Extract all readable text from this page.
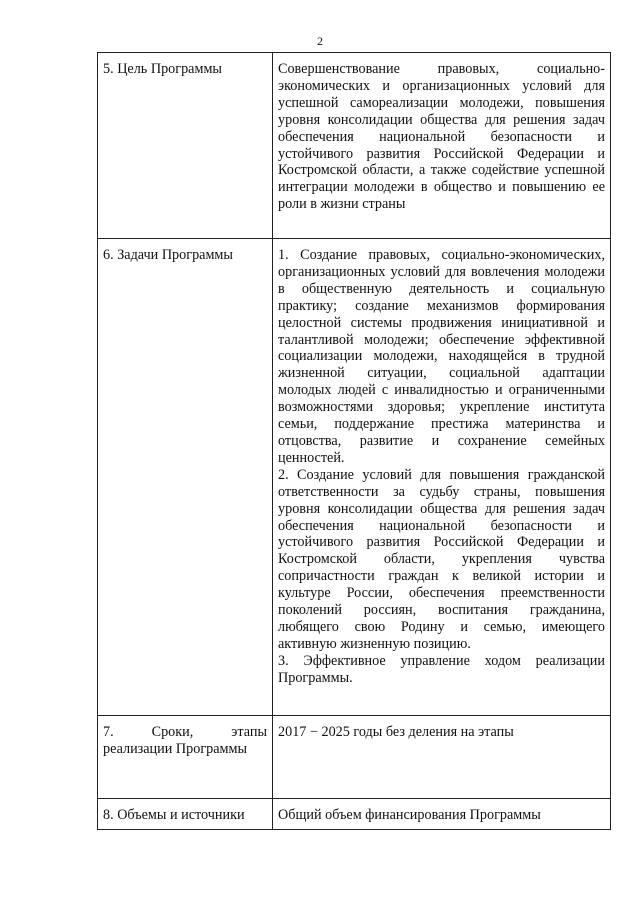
2
5. Цель Программы	Совершенствование правовых, социально-экономических и организационных условий для успешной самореализации молодежи, повышения уровня консолидации общества для решения задач обеспечения национальной безопасности и устойчивого развития Российской Федерации и Костромской области, а также содействие успешной интеграции молодежи в общество и повышению ее роли в жизни страны
6. Задачи Программы	1. Создание правовых, социально-экономических, организационных условий для вовлечения молодежи в общественную деятельность и социальную практику; создание механизмов формирования целостной системы продвижения инициативной и талантливой молодежи; обеспечение эффективной социализации молодежи, находящейся в трудной жизненной ситуации, социальной адаптации молодых людей с инвалидностью и ограниченными возможностями здоровья; укрепление института семьи, поддержание престижа материнства и отцовства, развитие и сохранение семейных ценностей.
2. Создание условий для повышения гражданской ответственности за судьбу страны, повышения уровня консолидации общества для решения задач обеспечения национальной безопасности и устойчивого развития Российской Федерации и Костромской области, укрепления чувства сопричастности граждан к великой истории и культуре России, обеспечения преемственности поколений россиян, воспитания гражданина, любящего свою Родину и семью, имеющего активную жизненную позицию.
3. Эффективное управление ходом реализации Программы.

7. Сроки, этапы реализации Программы	2017 − 2025 годы без деления на этапы
8. Объемы и источники	Общий объем финансирования Программы
